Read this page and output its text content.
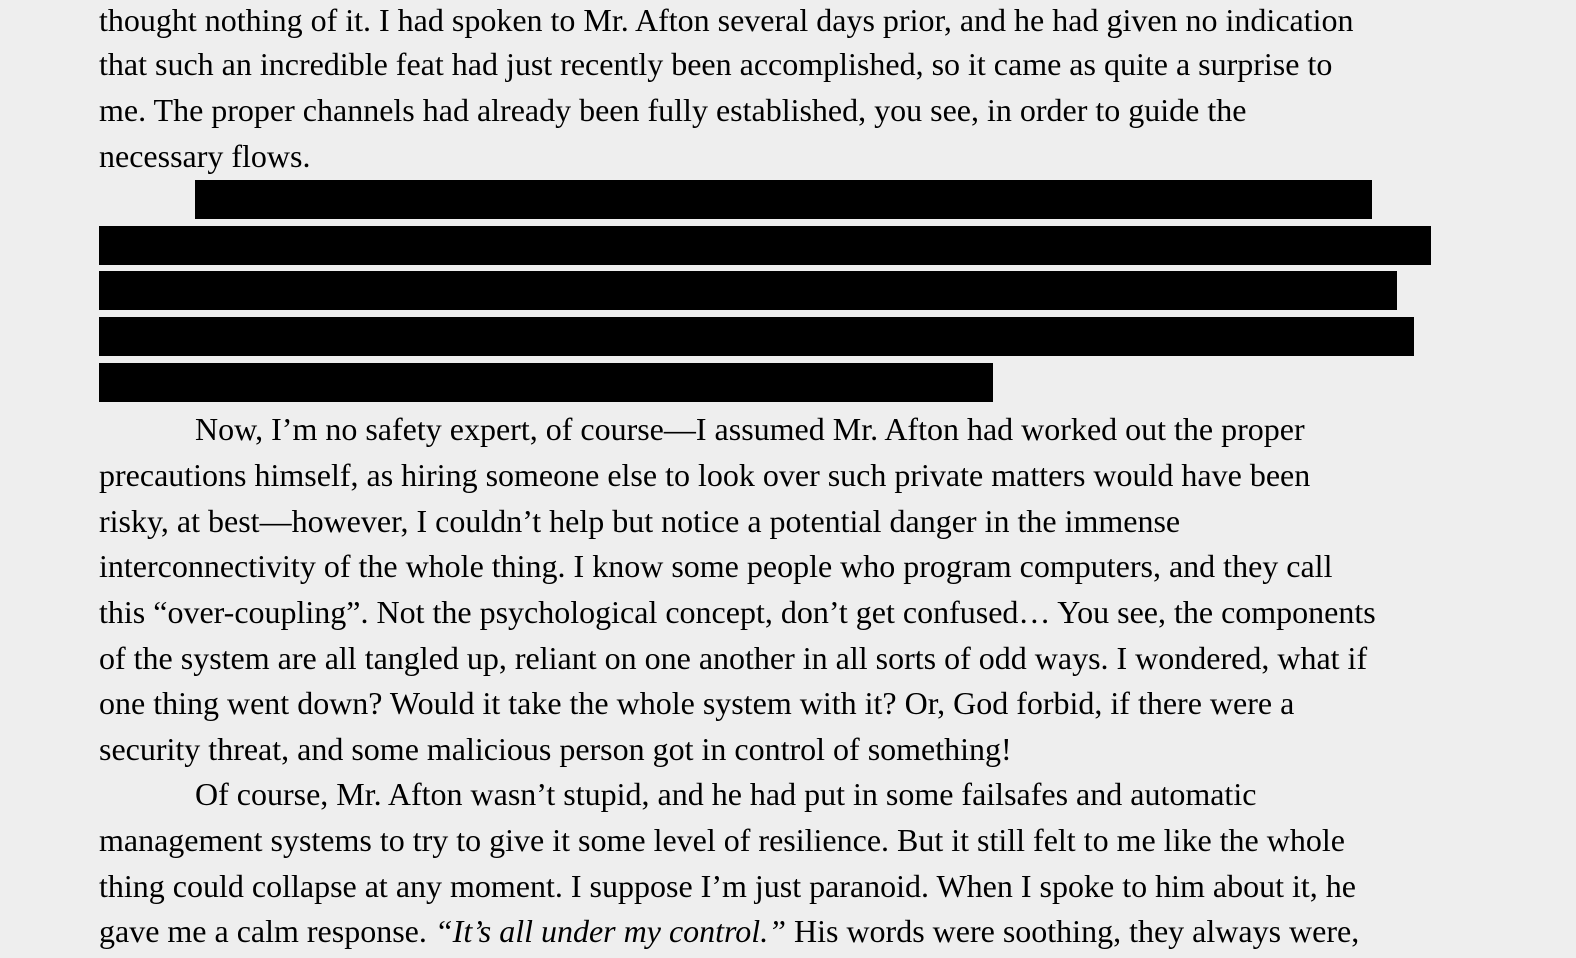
thought nothing of it. I had spoken to Mr. Afton several days prior, and he had given no indication
that such an incredible feat had just recently been accomplished, so it came as quite a surprise to
me. The proper channels had already been fully established, you see, in order to guide the
necessary flows.
Now, I’m no safety expert, of course—I assumed Mr. Afton had worked out the proper
precautions himself, as hiring someone else to look over such private matters would have been
risky, at best—however, I couldn’t help but notice a potential danger in the immense
interconnectivity of the whole thing. I know some people who program computers, and they call
this “over-coupling”. Not the psychological concept, don’t get confused… You see, the components
of the system are all tangled up, reliant on one another in all sorts of odd ways. I wondered, what if
one thing went down? Would it take the whole system with it? Or, God forbid, if there were a
security threat, and some malicious person got in control of something!
Of course, Mr. Afton wasn’t stupid, and he had put in some failsafes and automatic
management systems to try to give it some level of resilience. But it still felt to me like the whole
thing could collapse at any moment. I suppose I’m just paranoid. When I spoke to him about it, he
gave me a calm response. “It’s all under my control.” His words were soothing, they always were,
